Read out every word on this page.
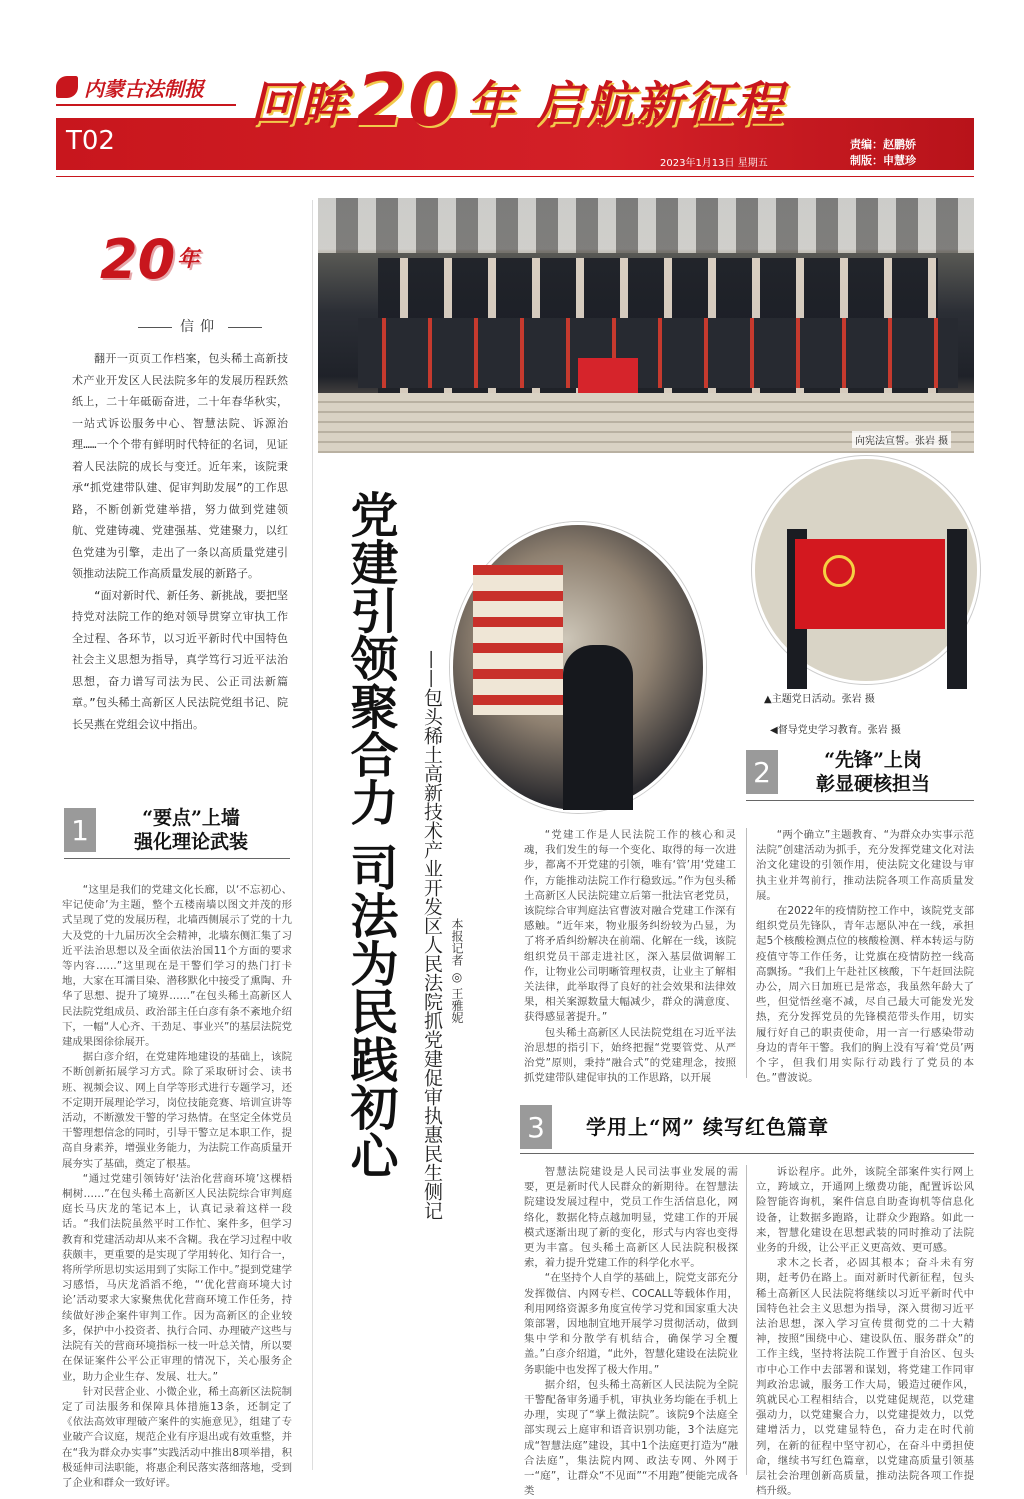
内蒙古法制报 回眸 20 年 启航新征程
T02	责编：赵鹏娇
制版：申慧珍
2023年1月13日 星期五
$20^年$
信仰

翻开一页页工作档案，包头稀土高新技术产业开发区人民法院多年的发展历程跃然纸上，二十年砥砺奋进，二十年春华秋实，一站式诉讼服务中心、智慧法院、诉源治理……一个个带有鲜明时代特征的名词，见证着人民法院的成长与变迁。近年来，该院秉承“抓党建带队建、促审判助发展”的工作思路，不断创新党建举措，努力做到党建领航、党建铸魂、党建强基、党建聚力，以红色党建为引擎，走出了一条以高质量党建引领推动法院工作高质量发展的新路子。

“面对新时代、新任务、新挑战，要把坚持党对法院工作的绝对领导贯穿立审执工作全过程、各环节，以习近平新时代中国特色社会主义思想为指导，真学笃行习近平法治思想，奋力谱写司法为民、公正司法新篇章。”包头稀土高新区人民法院党组书记、院长吴燕在党组会议中指出。

1	“要点”上墙
强化理论武装

“这里是我们的党建文化长廊，以‘不忘初心、牢记使命’为主题，整个五楼南墙以图文并茂的形式呈现了党的发展历程，北墙西侧展示了党的十九大及党的十九届历次全会精神，北墙东侧汇集了习近平法治思想以及全面依法治国11个方面的要求等内容……”这里现在是干警们学习的热门打卡地，大家在耳濡目染、潜移默化中接受了熏陶、升华了思想、提升了境界……”在包头稀土高新区人民法院党组成员、政治部主任白彦有条不紊地介绍下，一幅“人心齐、干劲足、事业兴”的基层法院党建成果图徐徐展开。

据白彦介绍，在党建阵地建设的基础上，该院不断创新拓展学习方式。除了采取研讨会、读书班、视频会议、网上自学等形式进行专题学习，还不定期开展理论学习，岗位技能竞赛、培训宣讲等活动，不断激发干警的学习热情。在坚定全体党员干警理想信念的同时，引导干警立足本职工作，提高自身素养，增强业务能力，为法院工作高质量开展夯实了基础，奠定了根基。

“通过党建引领铸好‘法治化营商环境’这棵梧桐树……”在包头稀土高新区人民法院综合审判庭庭长马庆龙的笔记本上，认真记录着这样一段话。“我们法院虽然平时工作忙、案件多，但学习教育和党建活动却从来不含糊。我在学习过程中收获颇丰，更重要的是实现了学用转化、知行合一，将所学所思切实运用到了实际工作中。”提到党建学习感悟，马庆龙滔滔不绝，“‘优化营商环境大讨论’活动要求大家聚焦优化营商环境工作任务，持续做好涉企案件审判工作。因为高新区的企业较多，保护中小投资者、执行合同、办理破产这些与法院有关的营商环境指标一枝一叶总关情，所以要在保证案件公平公正审理的情况下，关心服务企业，助力企业生存、发展、壮大。”

针对民营企业、小微企业，稀土高新区法院制定了司法服务和保障具体措施13条，还制定了《依法高效审理破产案件的实施意见》，组建了专业破产合议庭，规范企业有序退出或有效重整，并在“我为群众办实事”实践活动中推出8项举措，积极延伸司法职能，将惠企利民落实落细落地，受到了企业和群众一致好评。

党建引领聚合力 司法为民践初心	——包头稀土高新技术产业开发区人民法院抓党建促审执惠民生侧记 本报记者 ◎ 王雅妮
向宪法宣誓。张岩 摄
▲主题党日活动。张岩 摄
◀督导党史学习教育。张岩 摄
2	“先锋”上岗
彰显硬核担当

“党建工作是人民法院工作的核心和灵魂，我们发生的每一个变化、取得的每一次进步，都离不开党建的引领，唯有‘管’用‘党建工作，方能推动法院工作行稳致远。”作为包头稀土高新区人民法院建立后第一批法官老党员，该院综合审判庭法官曹波对融合党建工作深有感触。“近年来，物业服务纠纷较为凸显，为了将矛盾纠纷解决在前端、化解在一线，该院组织党员干部走进社区，深入基层做调解工作，让物业公司明晰管理权责，让业主了解相关法律，此举取得了良好的社会效果和法律效果，相关案源数量大幅减少，群众的满意度、获得感显著提升。”

包头稀土高新区人民法院党组在习近平法治思想的指引下，始终把握“党要管党、从严治党”原则，秉持“融合式”的党建理念，按照抓党建带队建促审执的工作思路，以开展

“两个确立”主题教育、“为群众办实事示范法院”创建活动为抓手，充分发挥党建文化对法治文化建设的引领作用，使法院文化建设与审执主业并驾前行，推动法院各项工作高质量发展。

在2022年的疫情防控工作中，该院党支部组织党员先锋队，青年志愿队冲在一线，承担起5个核酸检测点位的核酸检测、样本转运与防疫值守等工作任务，让党旗在疫情防控一线高高飘扬。“我们上午赴社区核酸，下午赶回法院办公，周六日加班已是常态，我虽然年龄大了些，但觉悟丝毫不减，尽自己最大可能发光发热，充分发挥党员的先锋模范带头作用，切实履行好自己的职责使命，用一言一行感染带动身边的青年干警。我们的胸上没有写着‘党员’两个字，但我们用实际行动践行了党员的本色。”曹波说。

3	学用上“网” 续写红色篇章

智慧法院建设是人民司法事业发展的需要，更是新时代人民群众的新期待。在智慧法院建设发展过程中，党员工作生活信息化，网络化，数据化特点越加明显，党建工作的开展模式逐渐出现了新的变化，形式与内容也变得更为丰富。包头稀土高新区人民法院积极探索，着力提升党建工作的科学化水平。

“在坚持个人自学的基础上，院党支部充分发挥微信、内网专栏、COCALL等载体作用，利用网络资源多角度宣传学习党和国家重大决策部署，因地制宜地开展学习贯彻活动，做到集中学和分散学有机结合，确保学习全覆盖。”白彦介绍道，“此外，智慧化建设在法院业务职能中也发挥了极大作用。”

据介绍，包头稀土高新区人民法院为全院干警配备审务通手机，审执业务均能在手机上办理，实现了“掌上微法院”。该院9个法庭全部实现云上庭审和语音识别功能，3个法庭完成“智慧法庭”建设，其中1个法庭更打造为“融合法庭”，集法院内网、政法专网、外网于一“庭”，让群众“不见面”“不用跑”便能完成各类

诉讼程序。此外，该院全部案件实行网上立，跨域立，开通网上缴费功能，配置诉讼风险智能咨询机，案件信息自助查询机等信息化设备，让数据多跑路，让群众少跑路。如此一来，智慧化建设在思想武装的同时推动了法院业务的升级，让公平正义更高效、更可感。

求木之长者，必固其根本；奋斗未有穷期，赶考仍在路上。面对新时代新征程，包头稀土高新区人民法院将继续以习近平新时代中国特色社会主义思想为指导，深入贯彻习近平法治思想，深入学习宣传贯彻党的二十大精神，按照“围绕中心、建设队伍、服务群众”的工作主线，坚持将法院工作置于自治区、包头市中心工作中去部署和谋划，将党建工作同审判政治忠诚，服务工作大局，锻造过硬作风，筑就民心工程相结合，以党建促规范，以党建强动力，以党建聚合力，以党建提效力，以党建增活力，以党建显特色，奋力走在时代前列，在新的征程中坚守初心，在奋斗中勇担使命，继续书写红色篇章，以党建高质量引领基层社会治理创新高质量，推动法院各项工作提档升级。
